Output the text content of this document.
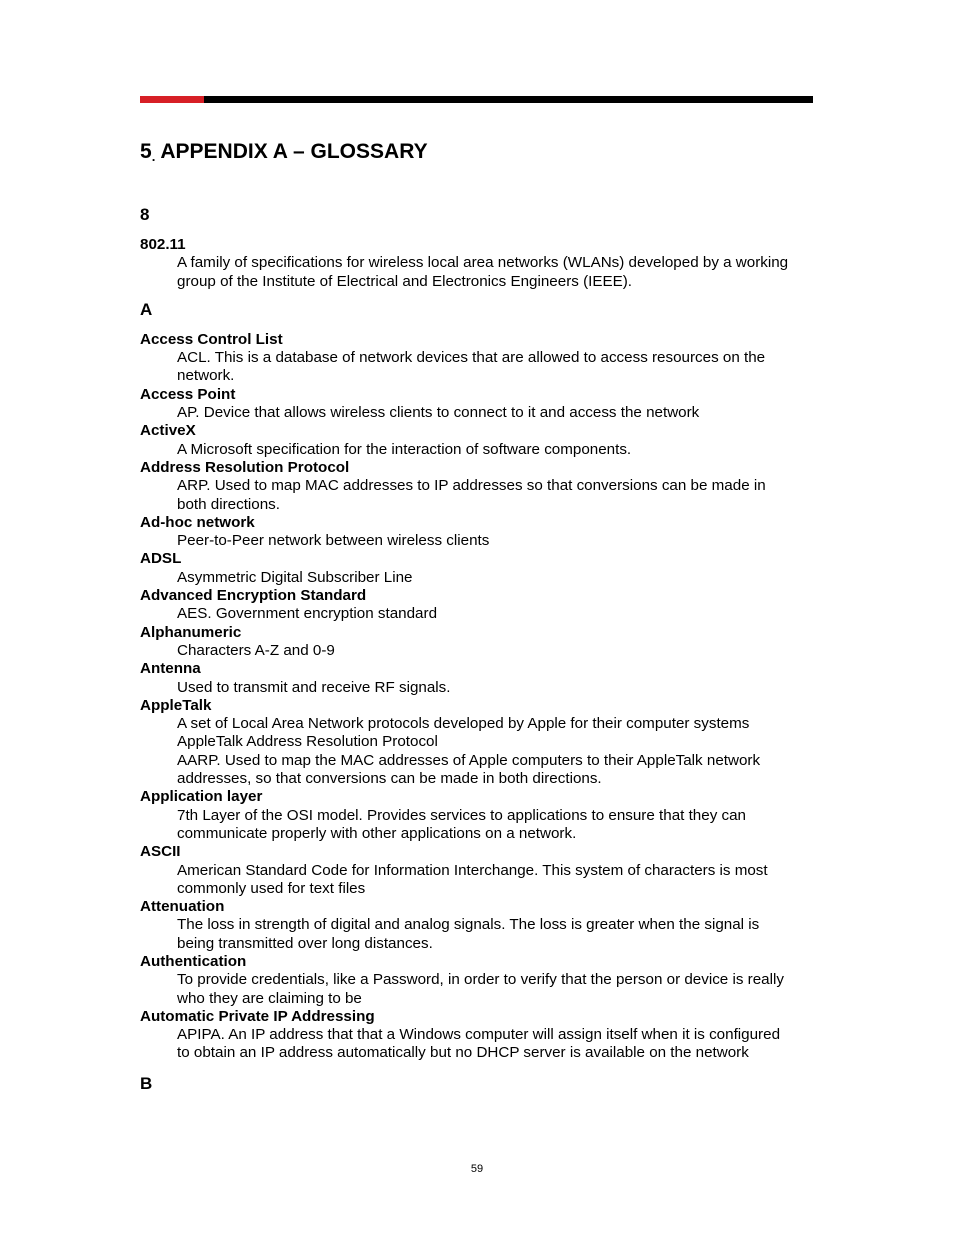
5. APPENDIX A – GLOSSARY
8
802.11
A family of specifications for wireless local area networks (WLANs) developed by a working
group of the Institute of Electrical and Electronics Engineers (IEEE).
A
Access Control List
ACL. This is a database of network devices that are allowed to access resources on the
network.
Access Point
AP. Device that allows wireless clients to connect to it and access the network
ActiveX
A Microsoft specification for the interaction of software components.
Address Resolution Protocol
ARP. Used to map MAC addresses to IP addresses so that conversions can be made in
both directions.
Ad-hoc network
Peer-to-Peer network between wireless clients
ADSL
Asymmetric Digital Subscriber Line
Advanced Encryption Standard
AES. Government encryption standard
Alphanumeric
Characters A-Z and 0-9
Antenna
Used to transmit and receive RF signals.
AppleTalk
A set of Local Area Network protocols developed by Apple for their computer systems
AppleTalk Address Resolution Protocol
AARP. Used to map the MAC addresses of Apple computers to their AppleTalk network
addresses, so that conversions can be made in both directions.
Application layer
7th Layer of the OSI model. Provides services to applications to ensure that they can
communicate properly with other applications on a network.
ASCII
American Standard Code for Information Interchange. This system of characters is most
commonly used for text files
Attenuation
The loss in strength of digital and analog signals. The loss is greater when the signal is
being transmitted over long distances.
Authentication
To provide credentials, like a Password, in order to verify that the person or device is really
who they are claiming to be
Automatic Private IP Addressing
APIPA. An IP address that that a Windows computer will assign itself when it is configured
to obtain an IP address automatically but no DHCP server is available on the network
B
59
